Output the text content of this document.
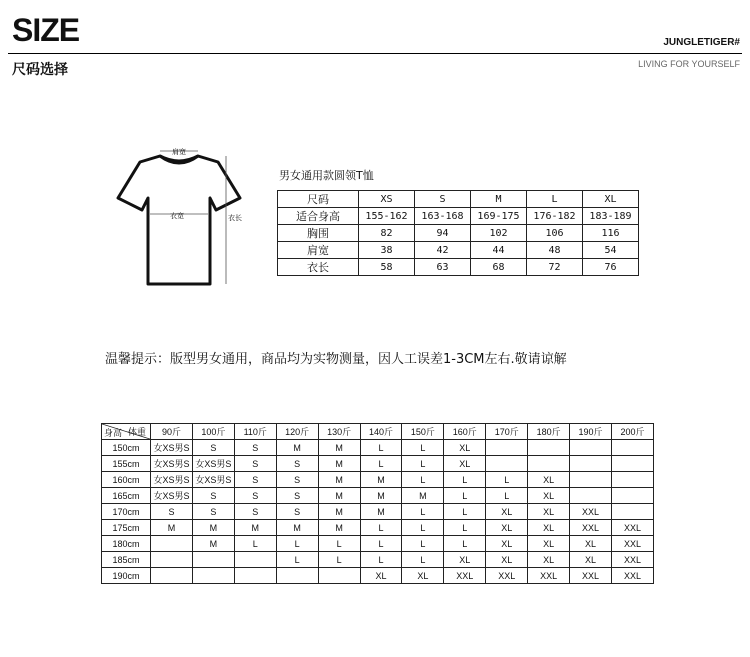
SIZE	JUNGLETIGER#
尺码选择	LIVING FOR YOURSELF
肩宽
衣宽	衣长
男女通用款圆领T恤
尺码	XS	S	M	L	XL
适合身高	155-162	163-168	169-175	176-182	183-189
胸围	82	94	102	106	116
肩宽	38	42	44	48	54
衣长	58	63	68	72	76
温馨提示：版型男女通用，商品均为实物测量，因人工误差1-3CM左右.敬请谅解
体重
身高	90斤	100斤	110斤	120斤	130斤	140斤	150斤	160斤	170斤	180斤	190斤	200斤
150cm	女XS男S	S	S	M	M	L	L	XL				
155cm	女XS男S	女XS男S	S	S	M	L	L	XL				
160cm	女XS男S	女XS男S	S	S	M	M	L	L	L	XL		
165cm	女XS男S	S	S	S	M	M	M	L	L	XL		
170cm	S	S	S	S	M	M	L	L	XL	XL	XXL	
175cm	M	M	M	M	M	L	L	L	XL	XL	XXL	XXL
180cm		M	L	L	L	L	L	L	XL	XL	XL	XXL
185cm				L	L	L	L	XL	XL	XL	XL	XXL
190cm						XL	XL	XXL	XXL	XXL	XXL	XXL
